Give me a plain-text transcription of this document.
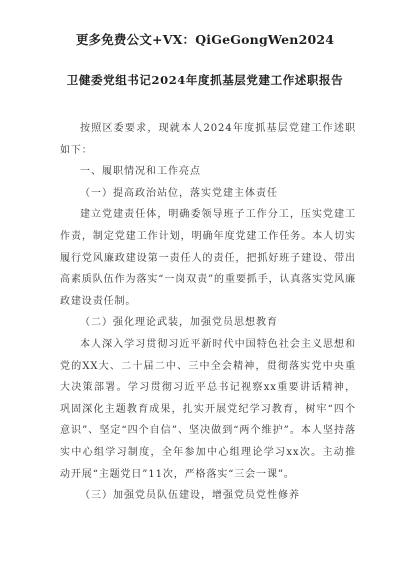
更多免费公文+VX：QiGeGongWen2024
卫健委党组书记2024年度抓基层党建工作述职报告

按照区委要求，现就本人2024年度抓基层党建工作述职如下：

一、履职情况和工作亮点

（一）提高政治站位，落实党建主体责任

建立党建责任体，明确委领导班子工作分工，压实党建工作责，制定党建工作计划，明确年度党建工作任务。本人切实履行党风廉政建设第一责任人的责任，把抓好班子建设、带出高素质队伍作为落实“一岗双责”的重要抓手，认真落实党风廉政建设责任制。

（二）强化理论武装，加强党员思想教育

本人深入学习贯彻习近平新时代中国特色社会主义思想和党的XX大、二十届二中、三中全会精神，贯彻落实党中央重大决策部署。学习贯彻习近平总书记视察xx重要讲话精神，巩固深化主题教育成果，扎实开展党纪学习教育，树牢“四个意识”、坚定“四个自信”、坚决做到“两个维护”。本人坚持落实中心组学习制度，全年参加中心组理论学习xx次。主动推动开展“主题党日”11次，严格落实“三会一课”。

（三）加强党员队伍建设，增强党员党性修养
